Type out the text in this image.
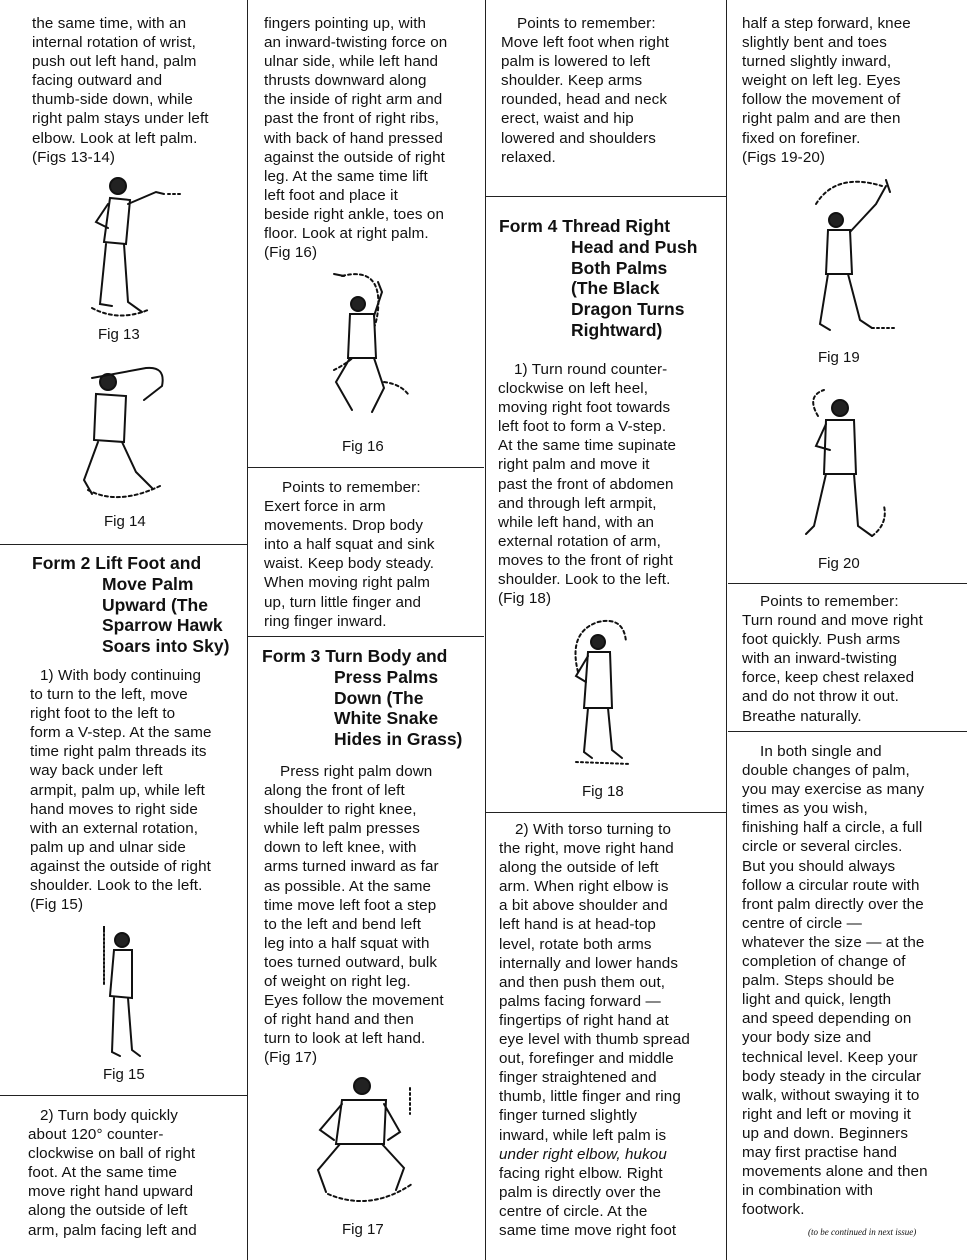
the same time, with an
internal rotation of wrist,
push out left hand, palm
facing outward and
thumb-side down, while
right palm stays under left
elbow. Look at left palm.
(Figs 13-14)
Fig 13
Fig 14
Form 2 Lift Foot and
Move Palm
Upward (The
Sparrow Hawk
Soars into Sky)
1) With body continuing
to turn to the left, move
right foot to the left to
form a V-step. At the same
time right palm threads its
way back under left
armpit, palm up, while left
hand moves to right side
with an external rotation,
palm up and ulnar side
against the outside of right
shoulder. Look to the left.
(Fig 15)
Fig 15
2) Turn body quickly
about 120° counter-
clockwise on ball of right
foot. At the same time
move right hand upward
along the outside of left
arm, palm facing left and
fingers pointing up, with
an inward-twisting force on
ulnar side, while left hand
thrusts downward along
the inside of right arm and
past the front of right ribs,
with back of hand pressed
against the outside of right
leg. At the same time lift
left foot and place it
beside right ankle, toes on
floor. Look at right palm.
(Fig 16)
Fig 16
Points to remember:
Exert force in arm
movements. Drop body
into a half squat and sink
waist. Keep body steady.
When moving right palm
up, turn little finger and
ring finger inward.
Form 3 Turn Body and
Press Palms
Down (The
White Snake
Hides in Grass)
Press right palm down
along the front of left
shoulder to right knee,
while left palm presses
down to left knee, with
arms turned inward as far
as possible. At the same
time move left foot a step
to the left and bend left
leg into a half squat with
toes turned outward, bulk
of weight on right leg.
Eyes follow the movement
of right hand and then
turn to look at left hand.
(Fig 17)
Fig 17
Points to remember:
Move left foot when right
palm is lowered to left
shoulder. Keep arms
rounded, head and neck
erect, waist and hip
lowered and shoulders
relaxed.
Form 4 Thread Right
Head and Push
Both Palms
(The Black
Dragon Turns
Rightward)
1) Turn round counter-
clockwise on left heel,
moving right foot towards
left foot to form a V-step.
At the same time supinate
right palm and move it
past the front of abdomen
and through left armpit,
while left hand, with an
external rotation of arm,
moves to the front of right
shoulder. Look to the left.
(Fig 18)
Fig 18
2) With torso turning to
the right, move right hand
along the outside of left
arm. When right elbow is
a bit above shoulder and
left hand is at head-top
level, rotate both arms
internally and lower hands
and then push them out,
palms facing forward —
fingertips of right hand at
eye level with thumb spread
out, forefinger and middle
finger straightened and
thumb, little finger and ring
finger turned slightly
inward, while left palm is
under right elbow, hukou
facing right elbow. Right
palm is directly over the
centre of circle. At the
same time move right foot
half a step forward, knee
slightly bent and toes
turned slightly inward,
weight on left leg. Eyes
follow the movement of
right palm and are then
fixed on forefiner.
(Figs 19-20)
Fig 19
Fig 20
Points to remember:
Turn round and move right
foot quickly. Push arms
with an inward-twisting
force, keep chest relaxed
and do not throw it out.
Breathe naturally.
In both single and
double changes of palm,
you may exercise as many
times as you wish,
finishing half a circle, a full
circle or several circles.
But you should always
follow a circular route with
front palm directly over the
centre of circle —
whatever the size — at the
completion of change of
palm. Steps should be
light and quick, length
and speed depending on
your body size and
technical level. Keep your
body steady in the circular
walk, without swaying it to
right and left or moving it
up and down. Beginners
may first practise hand
movements alone and then
in combination with
footwork.
(to be continued in next issue)
